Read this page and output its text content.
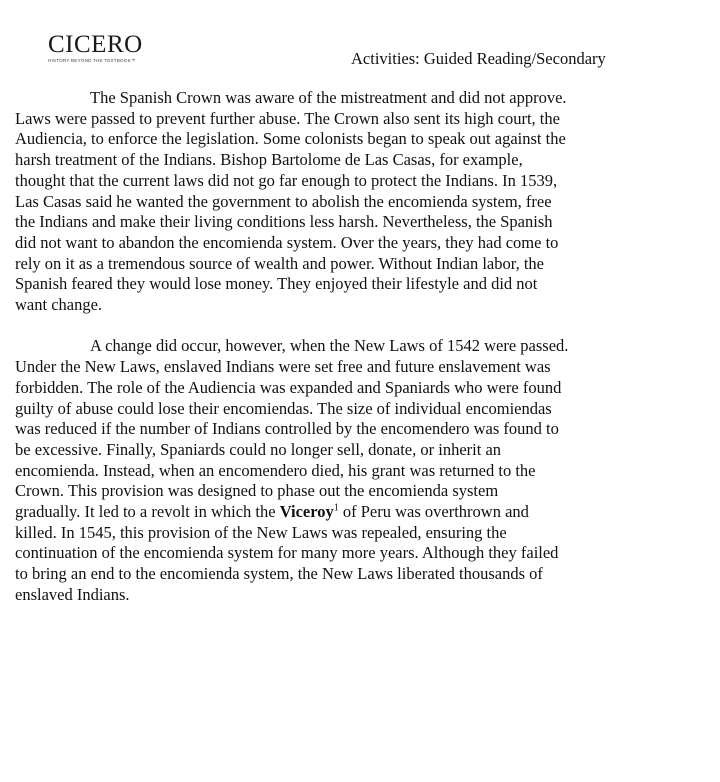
CICERO
HISTORY BEYOND THE TEXTBOOK™	Activities: Guided Reading/Secondary

The Spanish Crown was aware of the mistreatment and did not approve.
Laws were passed to prevent further abuse. The Crown also sent its high court, the
Audiencia, to enforce the legislation. Some colonists began to speak out against the
harsh treatment of the Indians. Bishop Bartolome de Las Casas, for example,
thought that the current laws did not go far enough to protect the Indians. In 1539,
Las Casas said he wanted the government to abolish the encomienda system, free
the Indians and make their living conditions less harsh. Nevertheless, the Spanish
did not want to abandon the encomienda system. Over the years, they had come to
rely on it as a tremendous source of wealth and power. Without Indian labor, the
Spanish feared they would lose money. They enjoyed their lifestyle and did not
want change.

A change did occur, however, when the New Laws of 1542 were passed.
Under the New Laws, enslaved Indians were set free and future enslavement was
forbidden. The role of the Audiencia was expanded and Spaniards who were found
guilty of abuse could lose their encomiendas. The size of individual encomiendas
was reduced if the number of Indians controlled by the encomendero was found to
be excessive. Finally, Spaniards could no longer sell, donate, or inherit an
encomienda. Instead, when an encomendero died, his grant was returned to the
Crown. This provision was designed to phase out the encomienda system
gradually. It led to a revolt in which the Viceroy$^1$ of Peru was overthrown and
killed. In 1545, this provision of the New Laws was repealed, ensuring the
continuation of the encomienda system for many more years. Although they failed
to bring an end to the encomienda system, the New Laws liberated thousands of
enslaved Indians.
